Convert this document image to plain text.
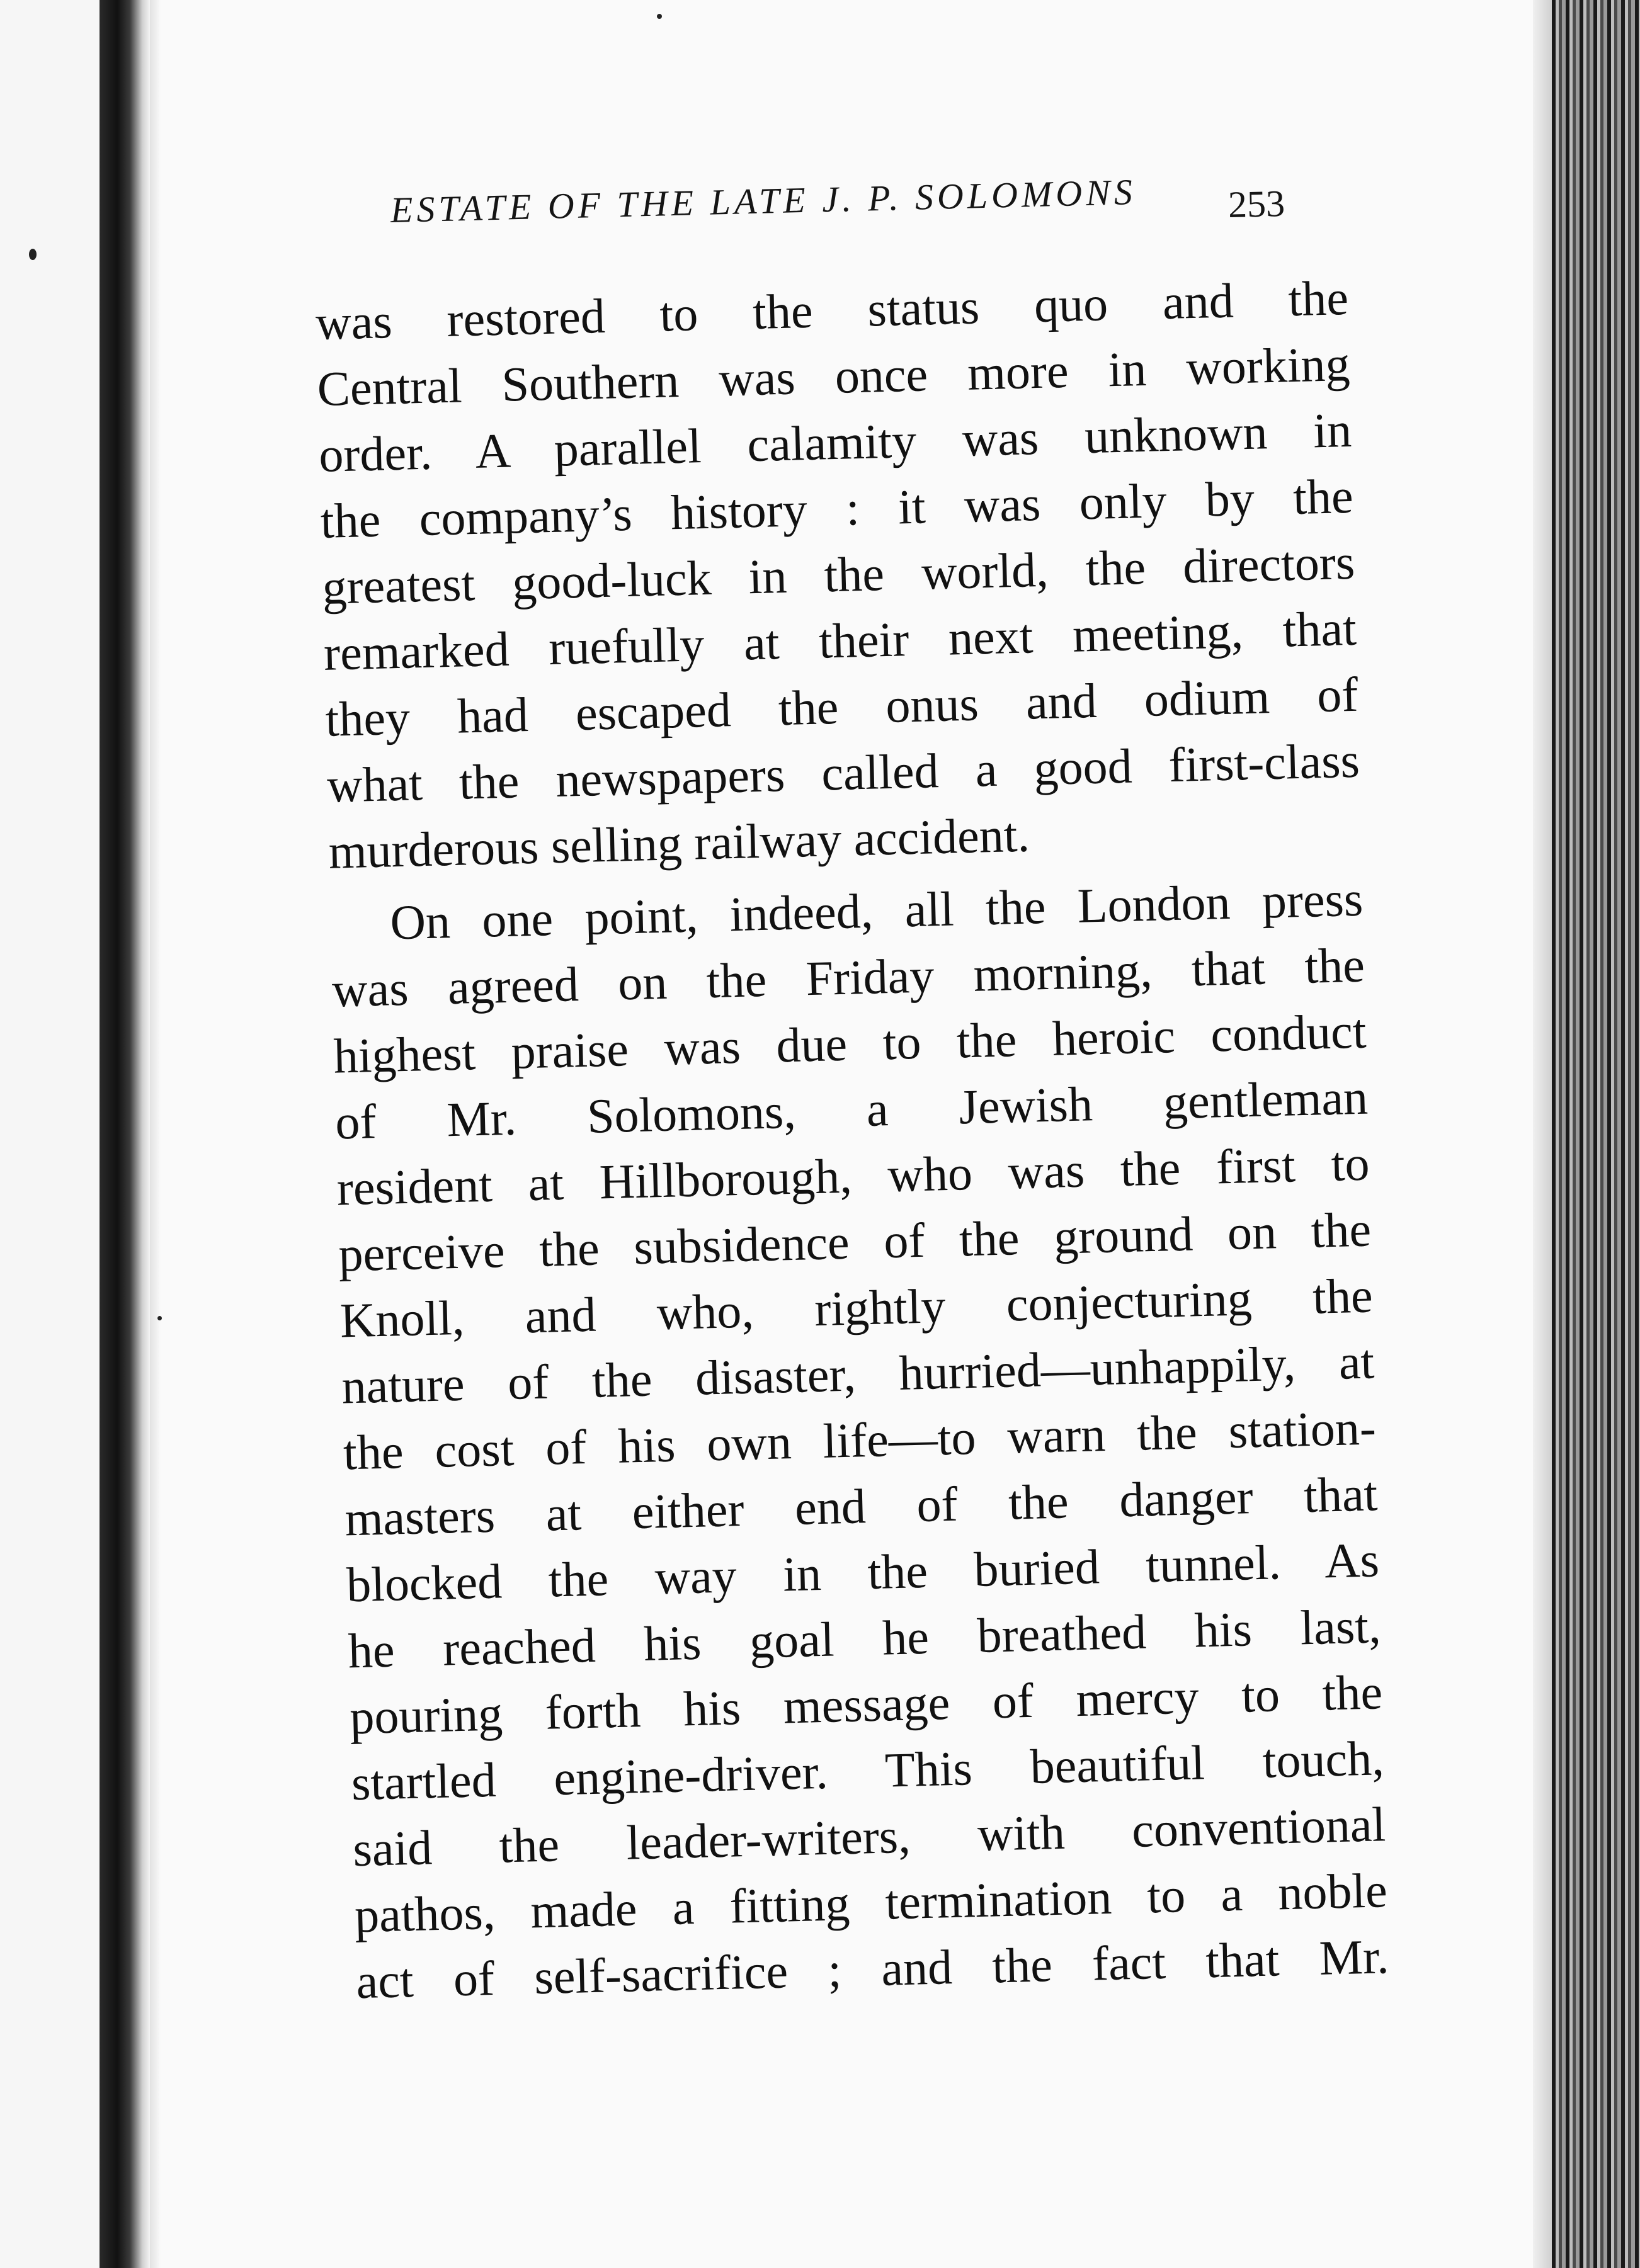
ESTATE OF THE LATE J. P. SOLOMONS	253
was restored to the status quo and the
Central Southern was once more in working
order. A parallel calamity was unknown in
the company’s history : it was only by the
greatest good-luck in the world, the directors
remarked ruefully at their next meeting, that
they had escaped the onus and odium of
what the newspapers called a good first-class
murderous selling railway accident.
On one point, indeed, all the London press
was agreed on the Friday morning, that the
highest praise was due to the heroic conduct
of Mr. Solomons, a Jewish gentleman
resident at Hillborough, who was the first to
perceive the subsidence of the ground on the
Knoll, and who, rightly conjecturing the
nature of the disaster, hurried—unhappily, at
the cost of his own life—to warn the station-
masters at either end of the danger that
blocked the way in the buried tunnel. As
he reached his goal he breathed his last,
pouring forth his message of mercy to the
startled engine-driver. This beautiful touch,
said the leader-writers, with conventional
pathos, made a fitting termination to a noble
act of self-sacrifice ; and the fact that Mr.
